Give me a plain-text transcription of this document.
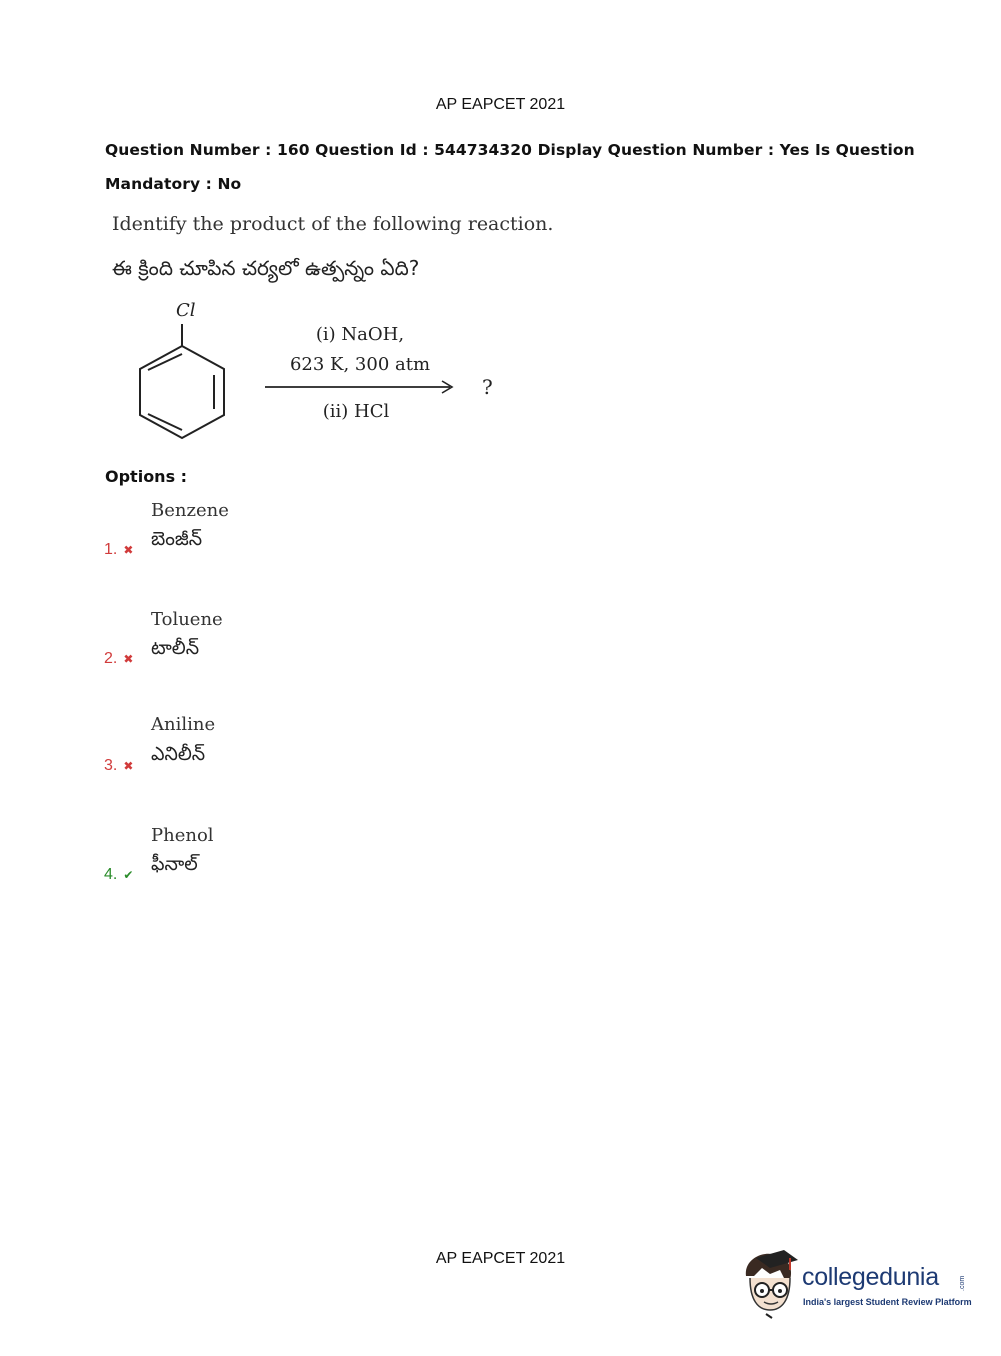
AP EAPCET 2021
Question Number : 160 Question Id : 544734320 Display Question Number : Yes Is Question
Mandatory : No
Identify the product of the following reaction.
ఈ క్రింది చూపిన చర్యలో ఉత్పన్నం ఏది?
Cl
(i) NaOH,
623 K, 300 atm
(ii) HCl
?
Options :
Benzene
బెంజీన్
1. ✖
Toluene
టాలీన్
2. ✖
Aniline
ఎనిలీన్
3. ✖
Phenol
ఫీనాల్
4. ✔
AP EAPCET 2021
collegedunia	.com
India's largest Student Review Platform
